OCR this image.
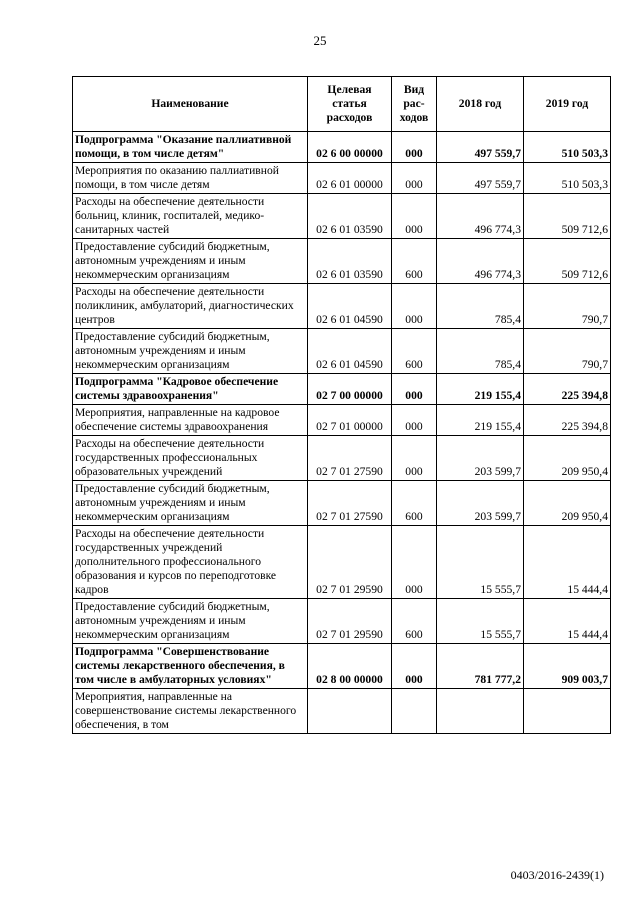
25
Наименование	Целевая статья расходов	Вид рас-ходов	2018 год	2019 год
Подпрограмма "Оказание паллиативной помощи, в том числе детям"	02 6 00 00000	000	497 559,7	510 503,3
Мероприятия по оказанию паллиативной помощи, в том числе детям	02 6 01 00000	000	497 559,7	510 503,3
Расходы на обеспечение деятельности больниц, клиник, госпиталей, медико-санитарных частей	02 6 01 03590	000	496 774,3	509 712,6
Предоставление субсидий бюджетным, автономным учреждениям и иным некоммерческим организациям	02 6 01 03590	600	496 774,3	509 712,6
Расходы на обеспечение деятельности поликлиник, амбулаторий, диагностических центров	02 6 01 04590	000	785,4	790,7
Предоставление субсидий бюджетным, автономным учреждениям и иным некоммерческим организациям	02 6 01 04590	600	785,4	790,7
Подпрограмма "Кадровое обеспечение системы здравоохранения"	02 7 00 00000	000	219 155,4	225 394,8
Мероприятия, направленные на кадровое обеспечение системы здравоохранения	02 7 01 00000	000	219 155,4	225 394,8
Расходы на обеспечение деятельности государственных профессиональных образовательных учреждений	02 7 01 27590	000	203 599,7	209 950,4
Предоставление субсидий бюджетным, автономным учреждениям и иным некоммерческим организациям	02 7 01 27590	600	203 599,7	209 950,4
Расходы на обеспечение деятельности государственных учреждений дополнительного профессионального образования и курсов по переподготовке кадров	02 7 01 29590	000	15 555,7	15 444,4
Предоставление субсидий бюджетным, автономным учреждениям и иным некоммерческим организациям	02 7 01 29590	600	15 555,7	15 444,4
Подпрограмма "Совершенствование системы лекарственного обеспечения, в том числе в амбулаторных условиях"	02 8 00 00000	000	781 777,2	909 003,7
Мероприятия, направленные на совершенствование системы лекарственного обеспечения, в том				
0403/2016-2439(1)
